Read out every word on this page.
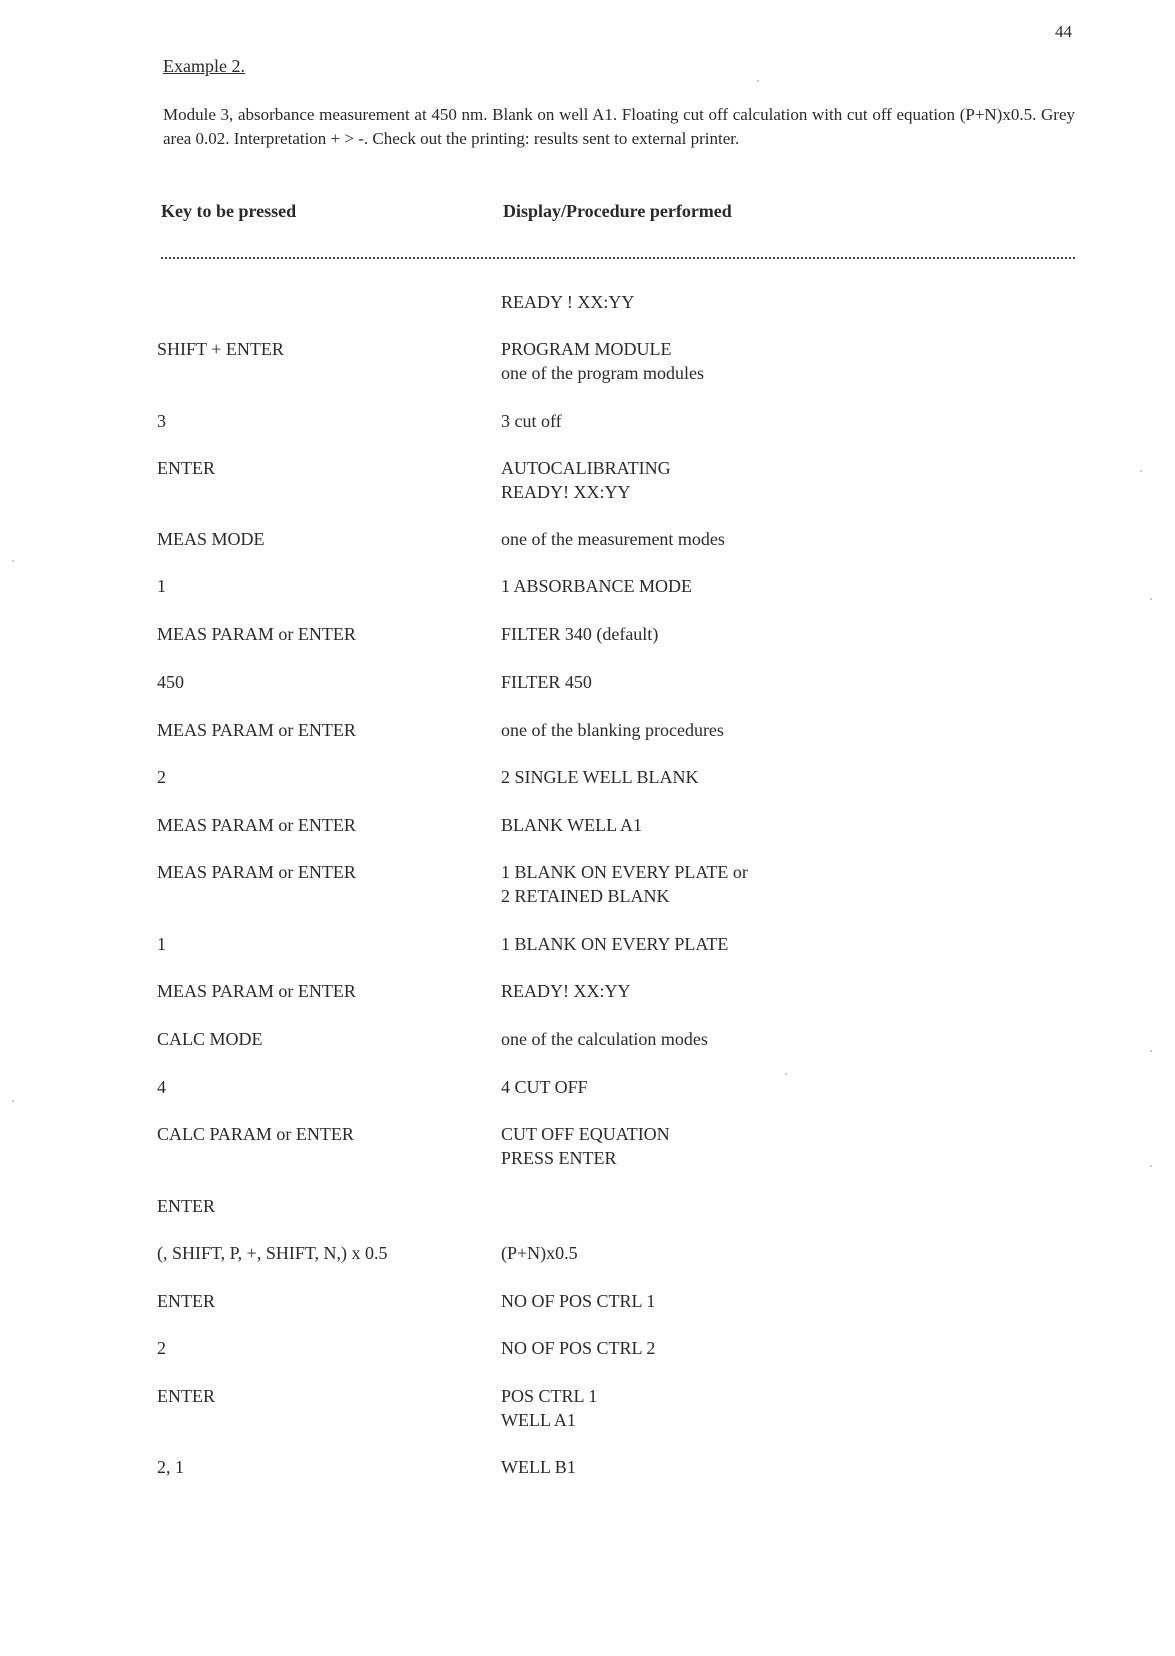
44
Example 2.
Module 3, absorbance measurement at 450 nm. Blank on well A1. Floating cut off calculation with cut off equation (P+N)x0.5. Grey area 0.02. Interpretation + > -. Check out the printing: results sent to external printer.
Key to be pressed	Display/Procedure performed
READY ! XX:YY
SHIFT + ENTER	PROGRAM MODULE
one of the program modules
3	3 cut off
ENTER	AUTOCALIBRATING
READY! XX:YY
MEAS MODE	one of the measurement modes
1	1 ABSORBANCE MODE
MEAS PARAM or ENTER	FILTER 340 (default)
450	FILTER 450
MEAS PARAM or ENTER	one of the blanking procedures
2	2 SINGLE WELL BLANK
MEAS PARAM or ENTER	BLANK WELL A1
MEAS PARAM or ENTER	1 BLANK ON EVERY PLATE or
2 RETAINED BLANK
1	1 BLANK ON EVERY PLATE
MEAS PARAM or ENTER	READY! XX:YY
CALC MODE	one of the calculation modes
4	4 CUT OFF
CALC PARAM or ENTER	CUT OFF EQUATION
PRESS ENTER
ENTER
(, SHIFT, P, +, SHIFT, N,) x 0.5	(P+N)x0.5
ENTER	NO OF POS CTRL 1
2	NO OF POS CTRL 2
ENTER	POS CTRL 1
WELL A1
2, 1	WELL B1
